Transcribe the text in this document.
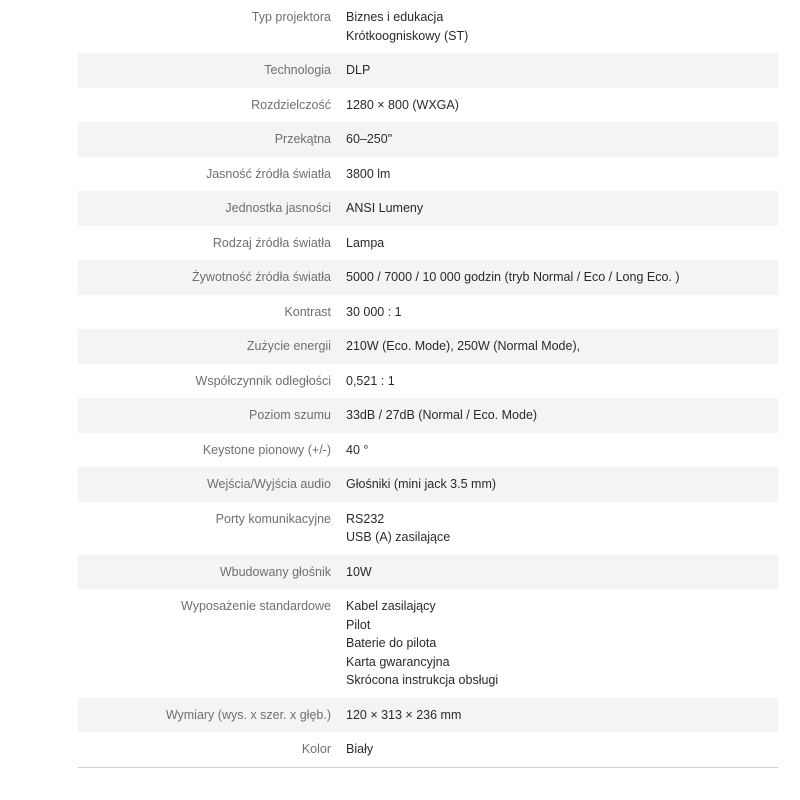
Typ projektora Biznes i edukacja
Krótkoogniskowy (ST)
Technologia DLP
Rozdzielczość 1280 × 800 (WXGA)
Przekątna 60–250"
Jasność źródła światła 3800 lm
Jednostka jasności ANSI Lumeny
Rodzaj źródła światła Lampa
Żywotność źródła światła 5000 / 7000 / 10 000 godzin (tryb Normal / Eco / Long Eco. )
Kontrast 30 000 : 1
Zużycie energii 210W (Eco. Mode), 250W (Normal Mode),
Współczynnik odległości 0,521 : 1
Poziom szumu 33dB / 27dB (Normal / Eco. Mode)
Keystone pionowy (+/-) 40 °
Wejścia/Wyjścia audio Głośniki (mini jack 3.5 mm)
Porty komunikacyjne RS232
USB (A) zasilające
Wbudowany głośnik 10W
Wyposażenie standardowe Kabel zasilający
Pilot
Baterie do pilota
Karta gwarancyjna
Skrócona instrukcja obsługi
Wymiary (wys. x szer. x głęb.) 120 × 313 × 236 mm
Kolor Biały
